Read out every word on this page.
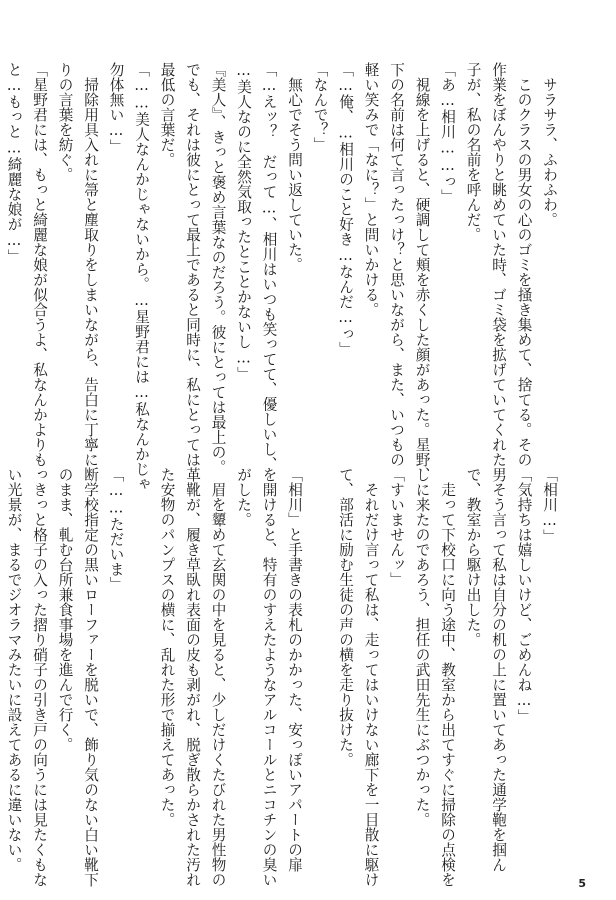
　サラサラ、ふわふわ。
　このクラスの男女の心のゴミを掻き集めて、捨てる。その
作業をぼんやりと眺めていた時、ゴミ袋を拡げていてくれた男
子が、私の名前を呼んだ。
「あ…相川……っ」
　視線を上げると、硬調して頬を赤くした顔があった。星野、
下の名前は何て言ったっけ？と思いながら、また、いつもの
軽い笑みで「なに？」と問いかける。
「…俺、…相川のこと好き…なんだ…っ」
「なんで？」
　無心でそう問い返していた。
「…えッ？　だって…、相川はいつも笑ってて、優しいし、
…美人なのに全然気取ったとことかないし…」
『美人』、きっと褒め言葉なのだろう。彼にとっては最上の。
でも、それは彼にとって最上であると同時に、私にとっては
最低の言葉だ。
「……美人なんかじゃないから。…星野君には…私なんかじゃ
勿体無い…」
　掃除用具入れに箒と塵取りをしまいながら、告白に丁寧に断
りの言葉を紡ぐ。
「星野君には、もっと綺麗な娘が似合うよ、私なんかよりもっ
と…もっと…綺麗な娘が…」
「相川…」
「気持ちは嬉しいけど、ごめんね…」
　そう言って私は自分の机の上に置いてあった通学鞄を掴ん
で、教室から駆け出した。
　走って下校口に向う途中、教室から出てすぐに掃除の点検を
しに来たのであろう、担任の武田先生にぶつかった。
「すいませんッ」
　それだけ言って私は、走ってはいけない廊下を一目散に駆け
て、部活に励む生徒の声の横を走り抜けた。
「相川」と手書きの表札のかかった、安っぽいアパートの扉
を開けると、特有のすえたようなアルコールとニコチンの臭い
がした。
　眉を顰めて玄関の中を見ると、少しだけくたびれた男性物の
革靴が、履き草臥れ表面の皮も剥がれ、脱ぎ散らかされた汚れ
た安物のパンプスの横に、乱れた形で揃えてあった。
「……ただいま」
　学校指定の黒いローファーを脱いで、飾り気のない白い靴下
のまま、軋む台所兼食事場を進んで行く。
　きっと格子の入った摺り硝子の引き戸の向うには見たくもな
い光景が、まるでジオラマみたいに設えてあるに違いない。
5
